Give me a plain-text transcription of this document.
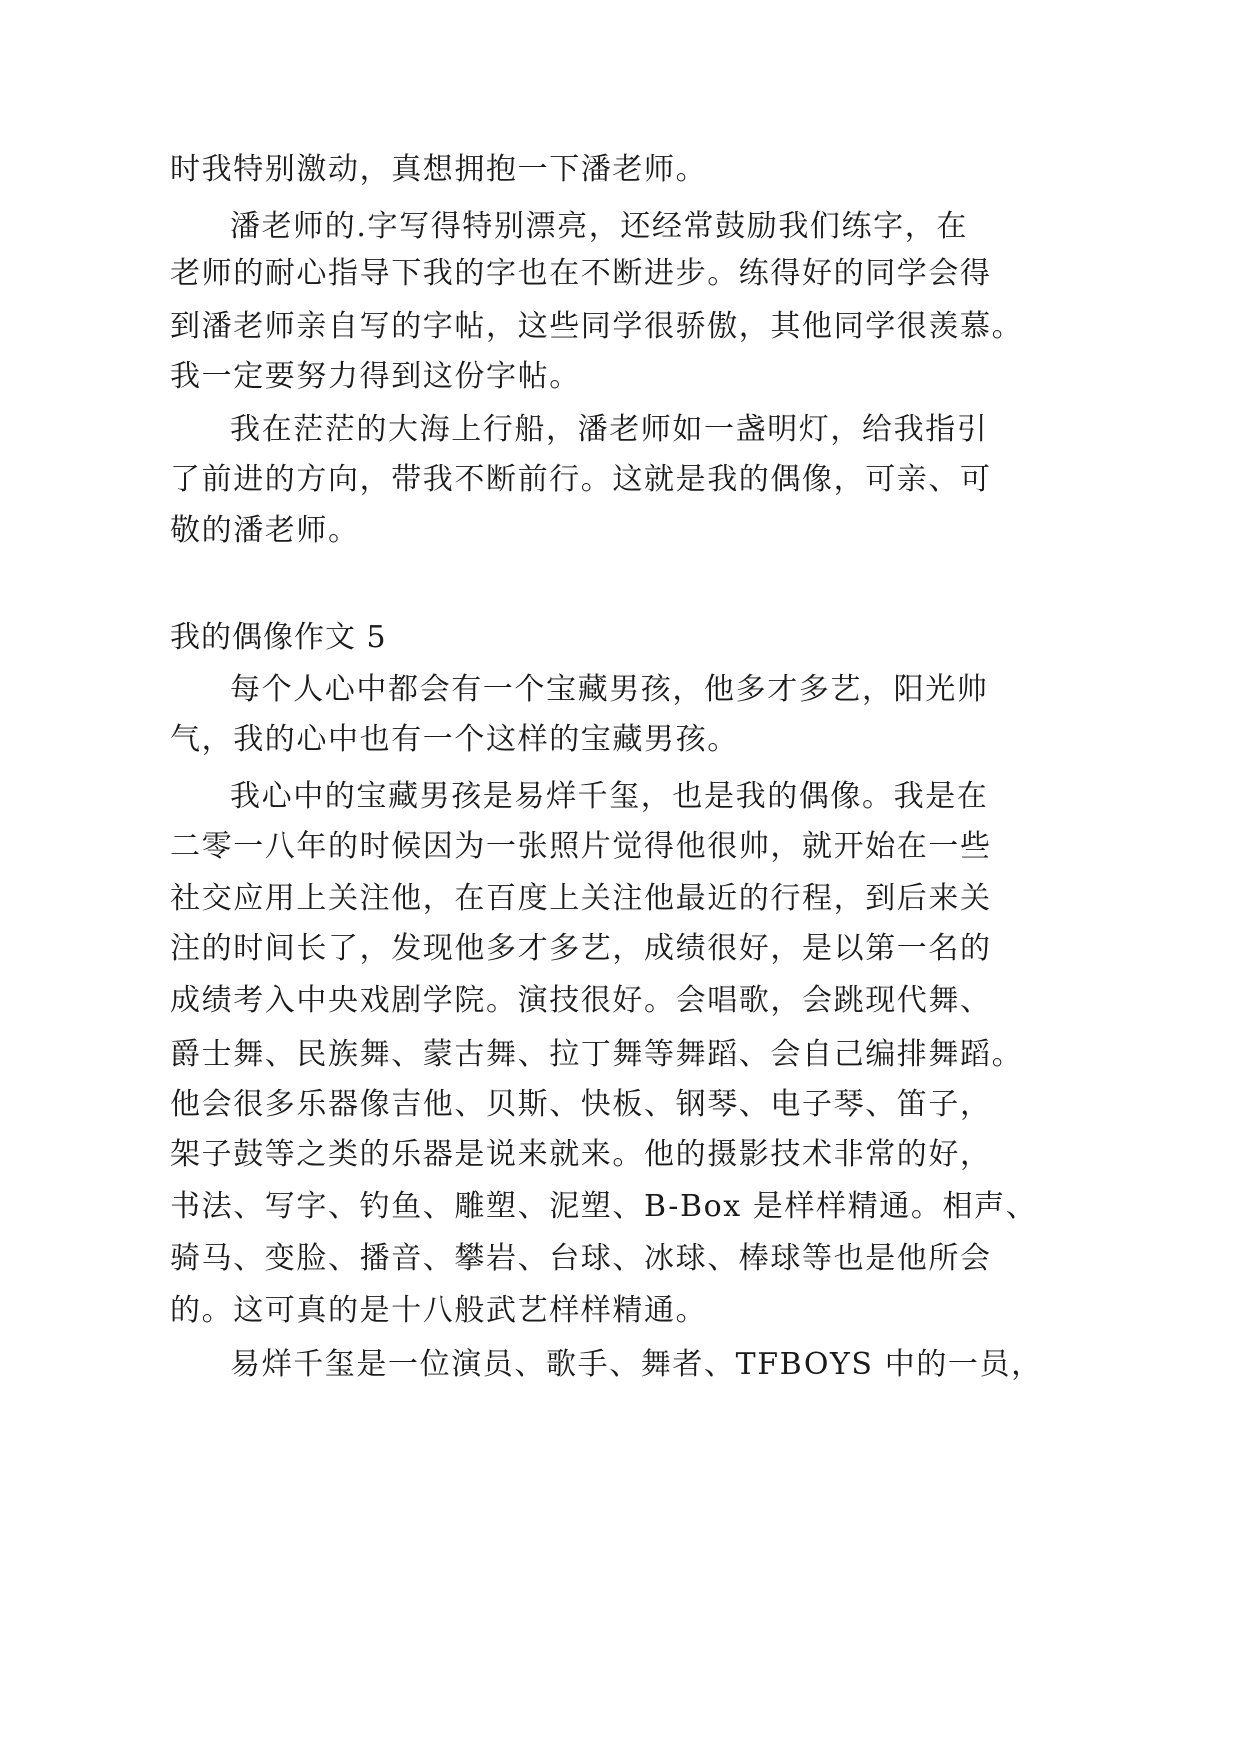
时我特别激动，真想拥抱一下潘老师。
潘老师的.字写得特别漂亮，还经常鼓励我们练字，在
老师的耐心指导下我的字也在不断进步。练得好的同学会得
到潘老师亲自写的字帖，这些同学很骄傲，其他同学很羡慕。
我一定要努力得到这份字帖。
我在茫茫的大海上行船，潘老师如一盏明灯，给我指引
了前进的方向，带我不断前行。这就是我的偶像，可亲、可
敬的潘老师。
我的偶像作文 5
每个人心中都会有一个宝藏男孩，他多才多艺，阳光帅
气，我的心中也有一个这样的宝藏男孩。
我心中的宝藏男孩是易烊千玺，也是我的偶像。我是在
二零一八年的时候因为一张照片觉得他很帅，就开始在一些
社交应用上关注他，在百度上关注他最近的行程，到后来关
注的时间长了，发现他多才多艺，成绩很好，是以第一名的
成绩考入中央戏剧学院。演技很好。会唱歌，会跳现代舞、
爵士舞、民族舞、蒙古舞、拉丁舞等舞蹈、会自己编排舞蹈。
他会很多乐器像吉他、贝斯、快板、钢琴、电子琴、笛子，
架子鼓等之类的乐器是说来就来。他的摄影技术非常的好，
书法、写字、钓鱼、雕塑、泥塑、B-Box 是样样精通。相声、
骑马、变脸、播音、攀岩、台球、冰球、棒球等也是他所会
的。这可真的是十八般武艺样样精通。
易烊千玺是一位演员、歌手、舞者、TFBOYS 中的一员，
